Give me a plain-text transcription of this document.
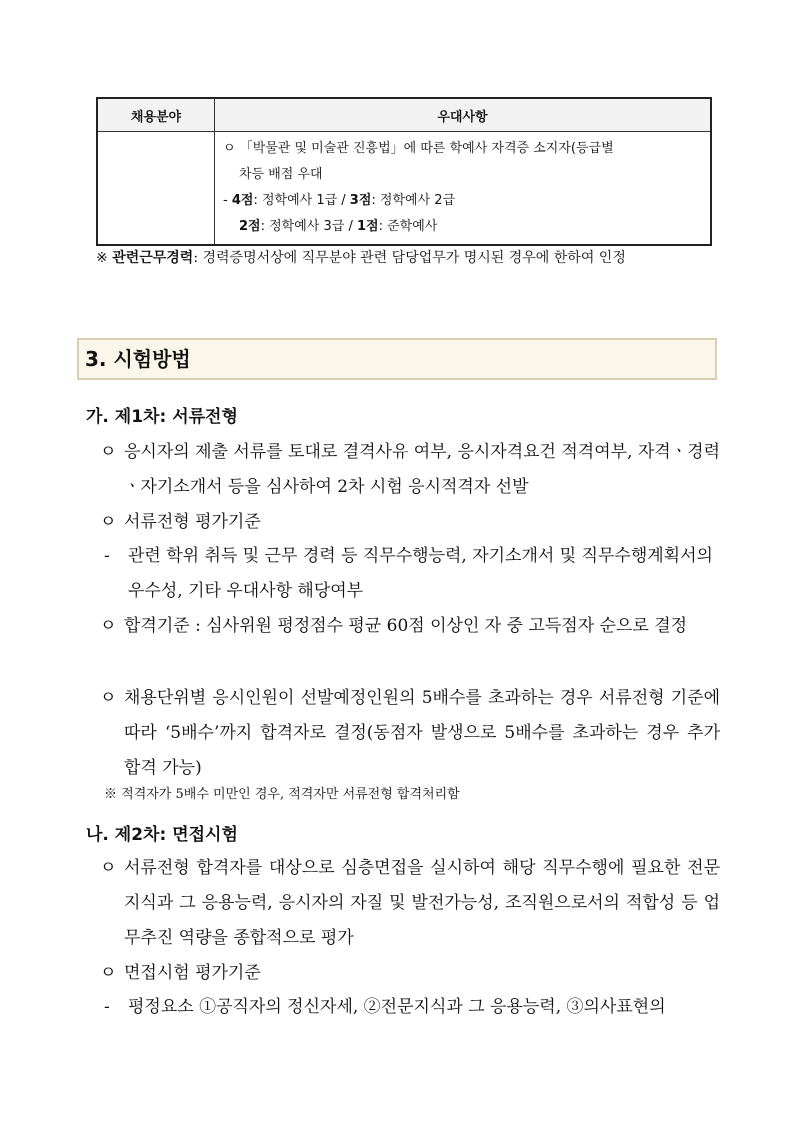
채용분야	우대사항

	ㅇ 「박물관 및 미술관 진흥법」에 따른 학예사 자격증 소지자(등급별
차등 배점 우대
- 4점: 정학예사 1급 / 3점: 정학예사 2급
2점: 정학예사 3급 / 1점: 준학예사
※ 관련근무경력: 경력증명서상에 직무분야 관련 담당업무가 명시된 경우에 한하여 인정
3. 시험방법
가. 제1차: 서류전형
ㅇ 응시자의 제출 서류를 토대로 결격사유 여부, 응시자격요건 적격여부, 자격ㆍ경력ㆍ자기소개서 등을 심사하여 2차 시험 응시적격자 선발
ㅇ 서류전형 평가기준
- 관련 학위 취득 및 근무 경력 등 직무수행능력, 자기소개서 및 직무수행계획서의 우수성, 기타 우대사항 해당여부
ㅇ 합격기준 : 심사위원 평정점수 평균 60점 이상인 자 중 고득점자 순으로 결정
ㅇ 채용단위별 응시인원이 선발예정인원의 5배수를 초과하는 경우 서류전형 기준에 따라 ‘5배수’까지 합격자로 결정(동점자 발생으로 5배수를 초과하는 경우 추가 합격 가능)
※ 적격자가 5배수 미만인 경우, 적격자만 서류전형 합격처리함
나. 제2차: 면접시험
ㅇ 서류전형 합격자를 대상으로 심층면접을 실시하여 해당 직무수행에 필요한 전문지식과 그 응용능력, 응시자의 자질 및 발전가능성, 조직원으로서의 적합성 등 업무추진 역량을 종합적으로 평가
ㅇ 면접시험 평가기준
- 평정요소 ①공직자의 정신자세, ②전문지식과 그 응용능력, ③의사표현의
